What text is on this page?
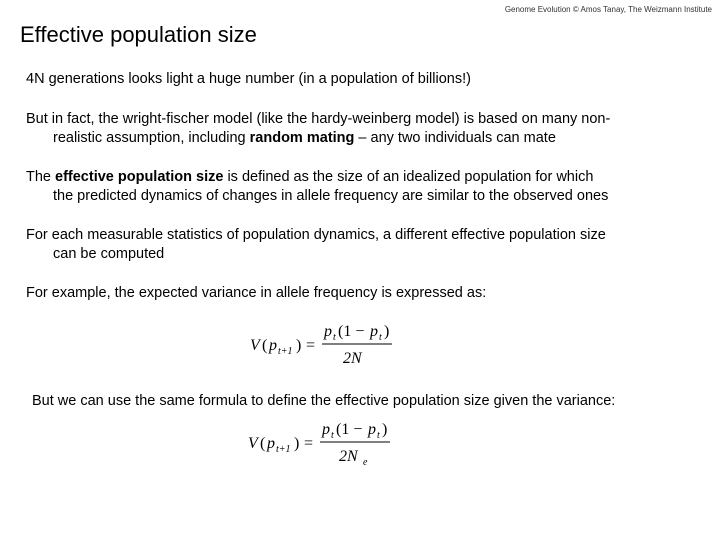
Genome Evolution © Amos Tanay, The Weizmann Institute
Effective population size
4N generations looks light a huge number (in a population of billions!)
But in fact, the wright-fischer model (like the hardy-weinberg model) is based on many non-
realistic assumption, including random mating – any two individuals can mate
The effective population size is defined as the size of an idealized population for which
the predicted dynamics of changes in allele frequency are similar to the observed ones
For each measurable statistics of population dynamics, a different effective population size
can be computed
For example, the expected variance in allele frequency is expressed as:
V ( p t+1 ) =
p t (1 − p t )
2N
But we can use the same formula to define the effective population size given the variance:
V ( p t+1 ) =
p t (1 − p t )
2N e
